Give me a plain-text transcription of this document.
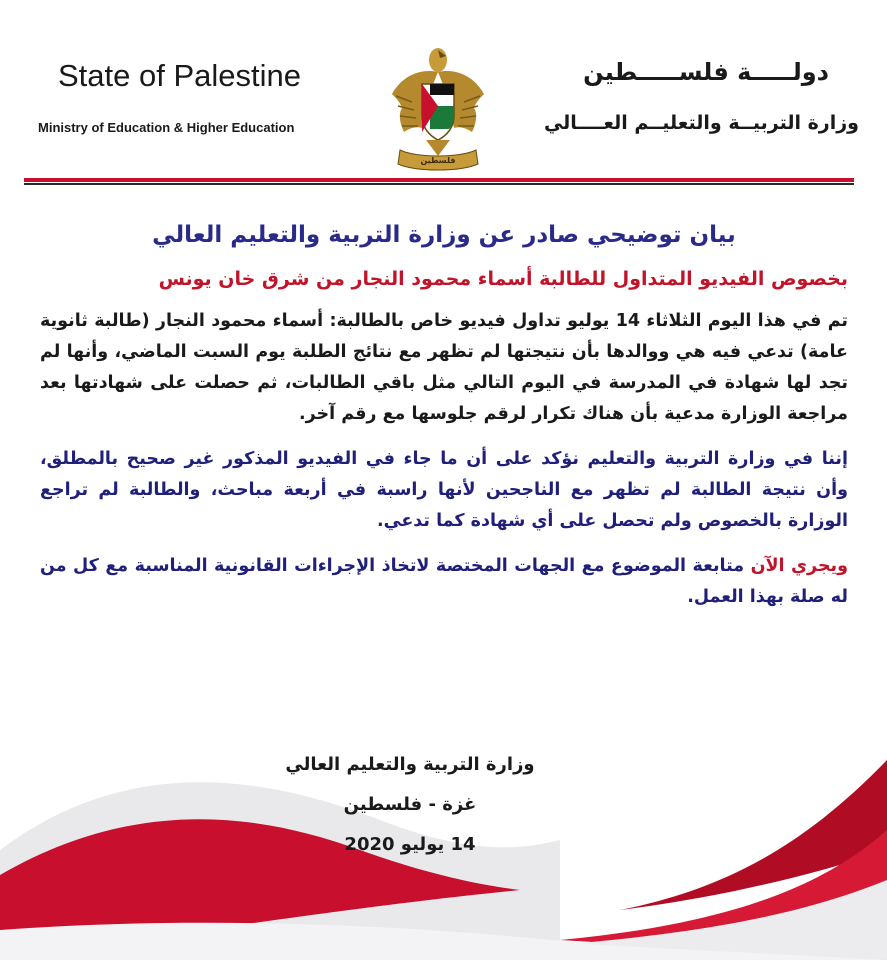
State of Palestine
Ministry of Education & Higher Education
دولـــــة فلســـــطين
وزارة التربيــة والتعليــم العــــالي
فلسطين
بيان توضيحي صادر عن وزارة التربية والتعليم العالي
بخصوص الفيديو المتداول للطالبة أسماء محمود النجار من شرق خان يونس

تم في هذا اليوم الثلاثاء 14 يوليو تداول فيديو خاص بالطالبة: أسماء محمود النجار (طالبة ثانوية عامة) تدعي فيه هي ووالدها بأن نتيجتها لم تظهر مع نتائج الطلبة يوم السبت الماضي، وأنها لم تجد لها شهادة في المدرسة في اليوم التالي مثل باقي الطالبات، ثم حصلت على شهادتها بعد مراجعة الوزارة مدعية بأن هناك تكرار لرقم جلوسها مع رقم آخر.

إننا في وزارة التربية والتعليم نؤكد على أن ما جاء في الفيديو المذكور غير صحيح بالمطلق، وأن نتيجة الطالبة لم تظهر مع الناجحين لأنها راسبة في أربعة مباحث، والطالبة لم تراجع الوزارة بالخصوص ولم تحصل على أي شهادة كما تدعي.

ويجري الآن متابعة الموضوع مع الجهات المختصة لاتخاذ الإجراءات القانونية المناسبة مع كل من له صلة بهذا العمل.

وزارة التربية والتعليم العالي
غزة - فلسطين
14 يوليو 2020
